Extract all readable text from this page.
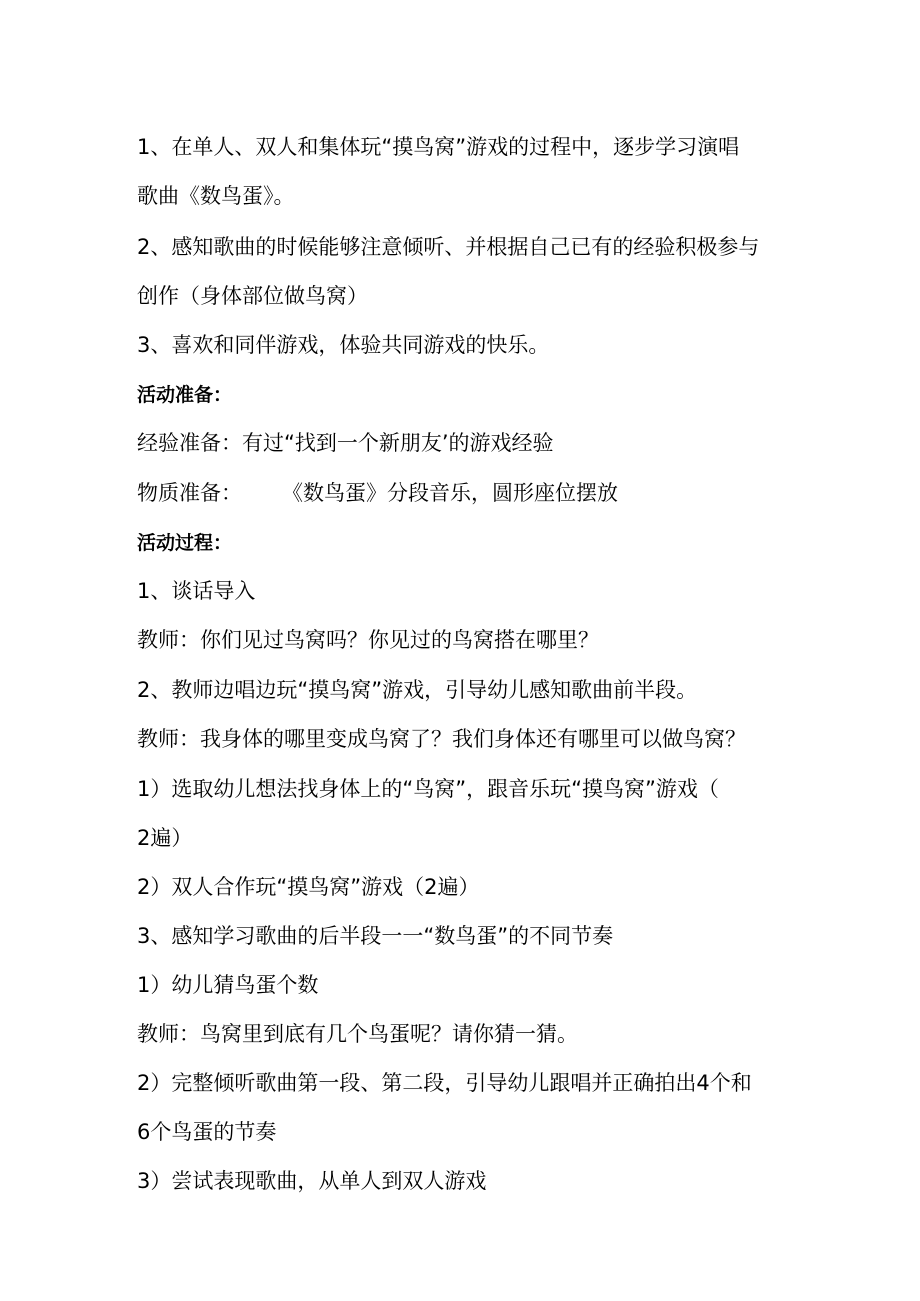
1、在单人、双人和集体玩“摸鸟窝”游戏的过程中，逐步学习演唱
歌曲《数鸟蛋》。
2、感知歌曲的时候能够注意倾听、并根据自己已有的经验积极参与
创作（身体部位做鸟窝）
3、喜欢和同伴游戏，体验共同游戏的快乐。
活动准备：
经验准备：有过“找到一个新朋友’的游戏经验
物质准备： 《数鸟蛋》分段音乐，圆形座位摆放
活动过程：
1、谈话导入
教师：你们见过鸟窝吗？你见过的鸟窝搭在哪里？
2、教师边唱边玩“摸鸟窝”游戏，引导幼儿感知歌曲前半段。
教师：我身体的哪里变成鸟窝了？我们身体还有哪里可以做鸟窝？
1）选取幼儿想法找身体上的“鸟窝”，跟音乐玩“摸鸟窝”游戏（
2遍）
2）双人合作玩“摸鸟窝”游戏（2遍）
3、感知学习歌曲的后半段一一“数鸟蛋”的不同节奏
1）幼儿猜鸟蛋个数
教师：鸟窝里到底有几个鸟蛋呢？请你猜一猜。
2）完整倾听歌曲第一段、第二段，引导幼儿跟唱并正确拍出4个和
6个鸟蛋的节奏
3）尝试表现歌曲，从单人到双人游戏
